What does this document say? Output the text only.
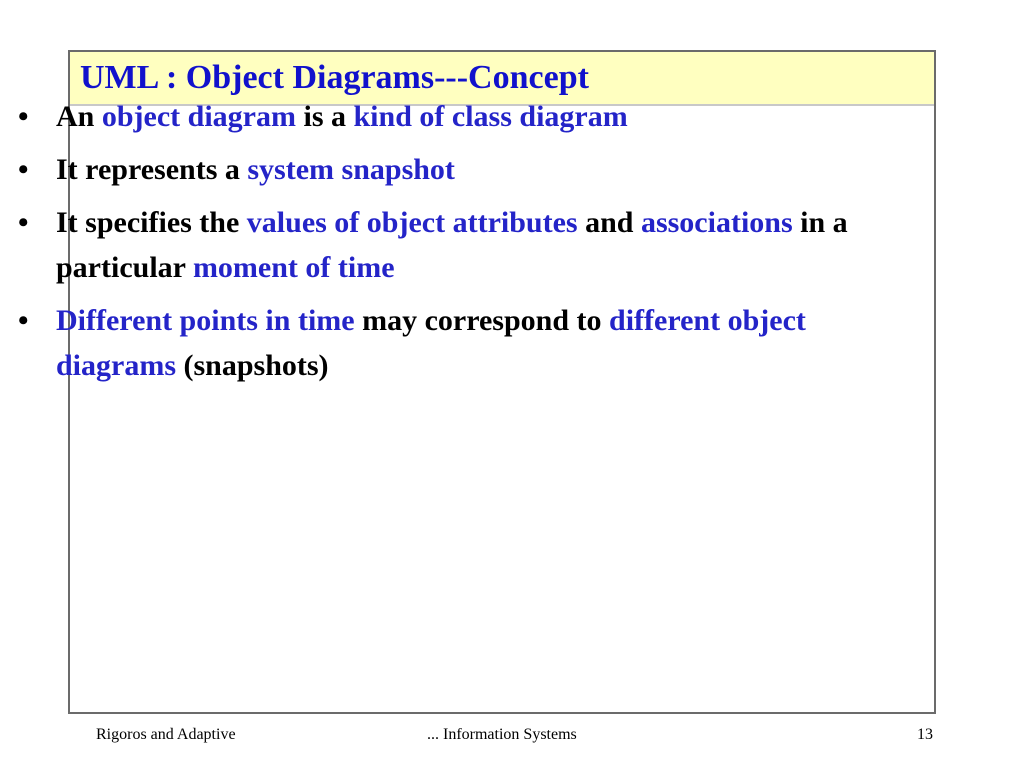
UML : Object Diagrams---Concept
• An object diagram is a kind of class diagram
• It represents a system snapshot
• It specifies the values of object attributes and associations in a particular moment of time
• Different points in time may correspond to different object diagrams (snapshots)
Rigoros and Adaptive	... Information Systems	13
